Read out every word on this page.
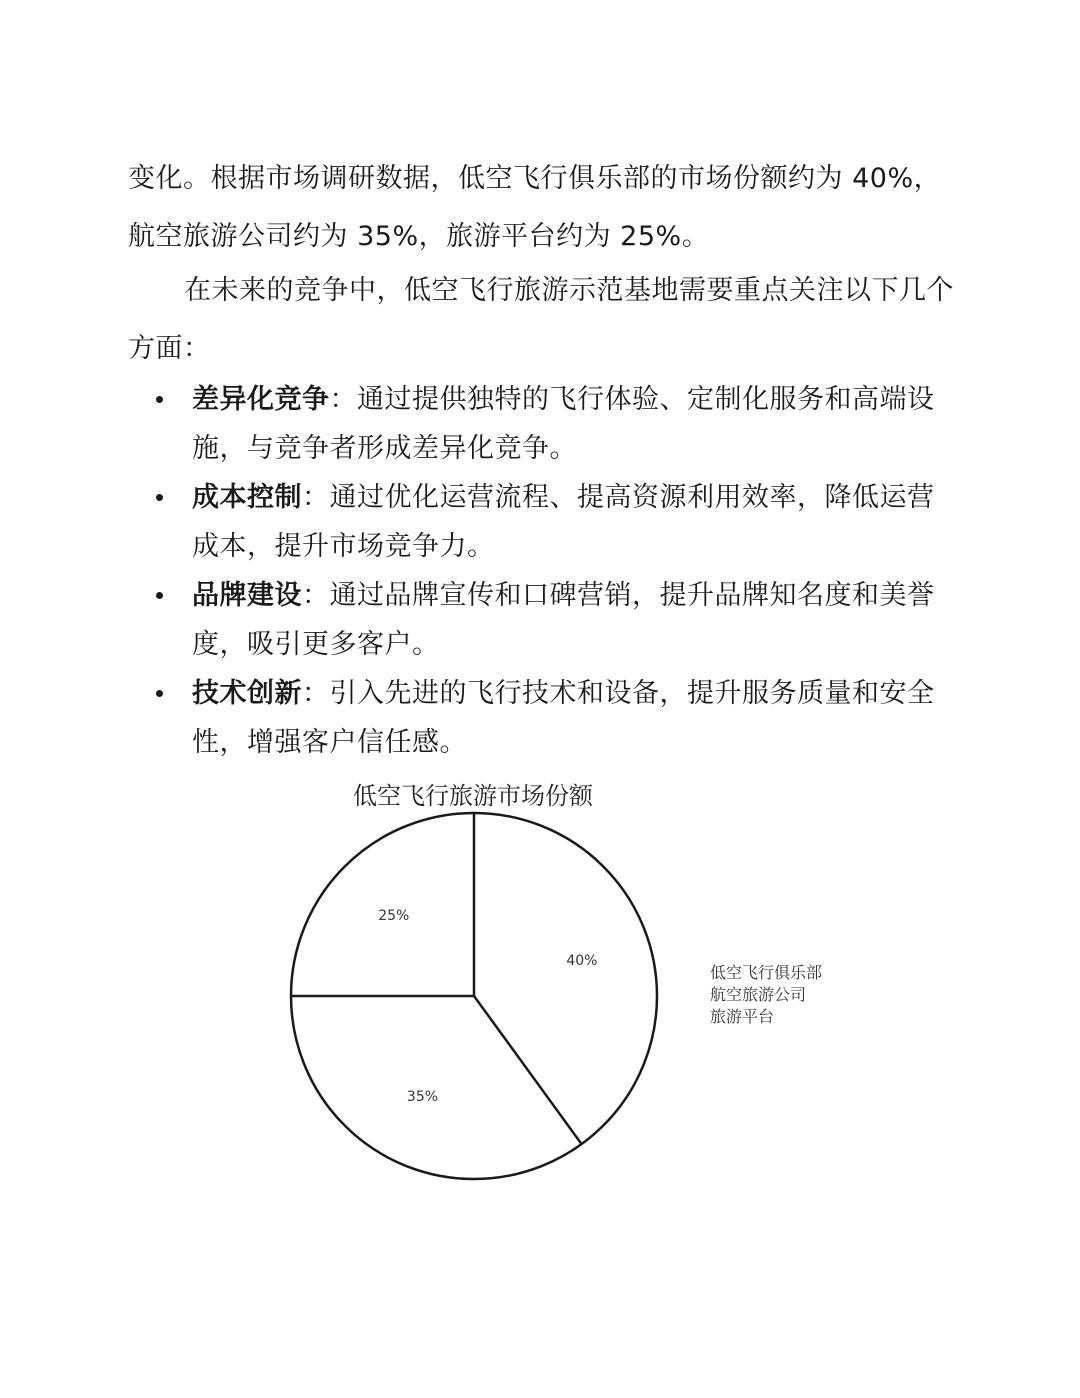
变化。根据市场调研数据，低空飞行俱乐部的市场份额约为 40%，航空旅游公司约为 35%，旅游平台约为 25%。

在未来的竞争中，低空飞行旅游示范基地需要重点关注以下几个方面：

差异化竞争：通过提供独特的飞行体验、定制化服务和高端设施，与竞争者形成差异化竞争。
成本控制：通过优化运营流程、提高资源利用效率，降低运营成本，提升市场竞争力。
品牌建设：通过品牌宣传和口碑营销，提升品牌知名度和美誉度，吸引更多客户。
技术创新：引入先进的飞行技术和设备，提升服务质量和安全性，增强客户信任感。
低空飞行旅游市场份额
40%
35%
25%
低空飞行俱乐部
航空旅游公司
旅游平台
